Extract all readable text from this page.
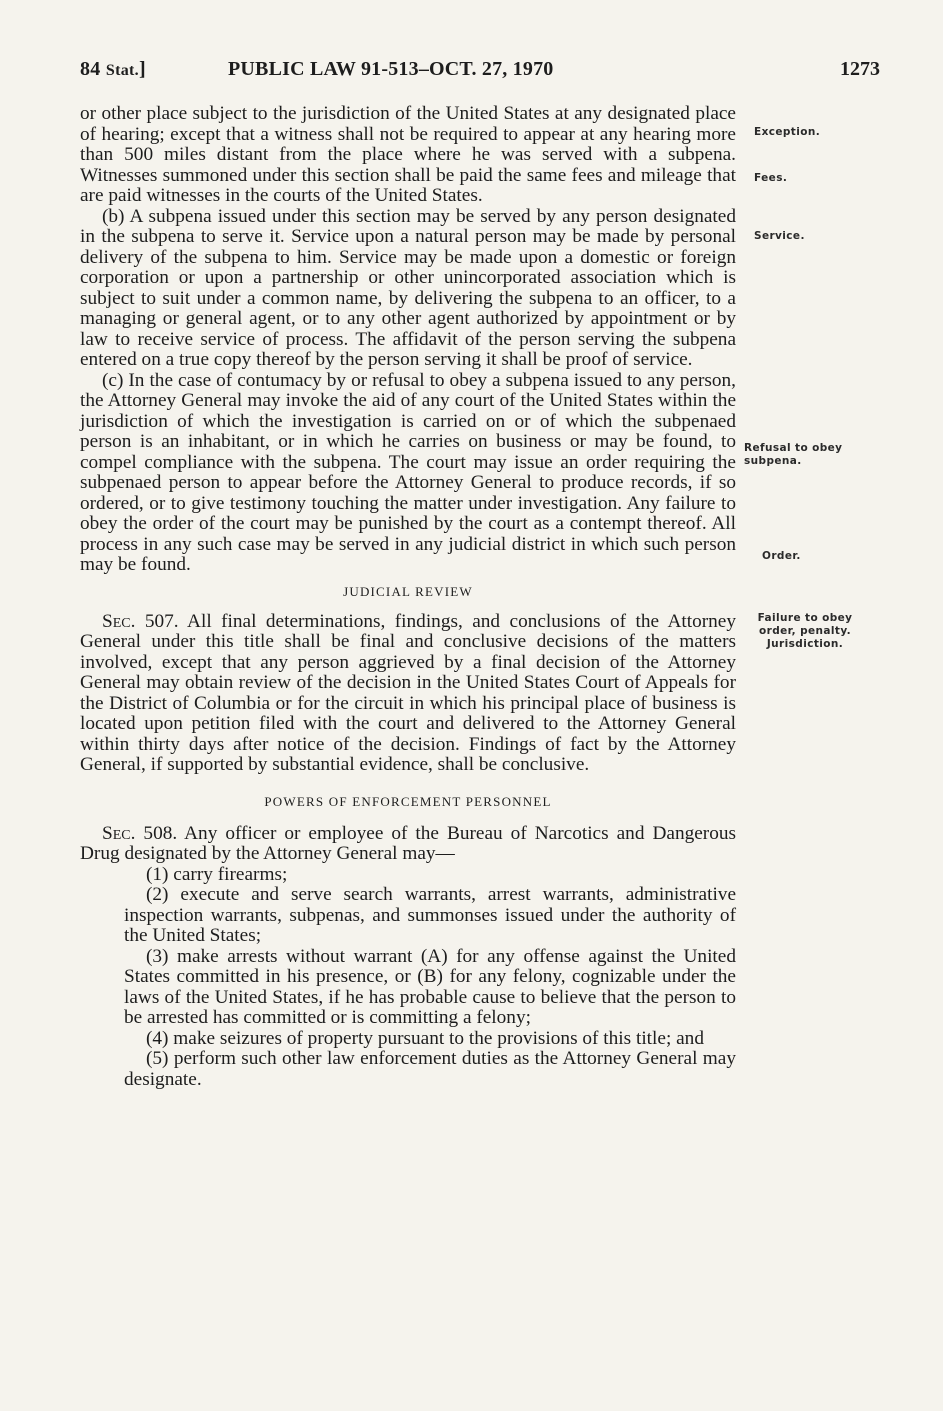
84 Stat.]	PUBLIC LAW 91-513–OCT. 27, 1970	1273

or other place subject to the jurisdiction of the United States at any designated place of hearing; except that a witness shall not be required to appear at any hearing more than 500 miles distant from the place where he was served with a subpena. Witnesses summoned under this section shall be paid the same fees and mileage that are paid witnesses in the courts of the United States.

(b) A subpena issued under this section may be served by any person designated in the subpena to serve it. Service upon a natural person may be made by personal delivery of the subpena to him. Service may be made upon a domestic or foreign corporation or upon a partnership or other unincorporated association which is subject to suit under a common name, by delivering the subpena to an officer, to a managing or general agent, or to any other agent authorized by appointment or by law to receive service of process. The affidavit of the person serving the subpena entered on a true copy thereof by the person serving it shall be proof of service.

(c) In the case of contumacy by or refusal to obey a subpena issued to any person, the Attorney General may invoke the aid of any court of the United States within the jurisdiction of which the investigation is carried on or of which the subpenaed person is an inhabitant, or in which he carries on business or may be found, to compel compliance with the subpena. The court may issue an order requiring the subpenaed person to appear before the Attorney General to produce records, if so ordered, or to give testimony touching the matter under investigation. Any failure to obey the order of the court may be punished by the court as a contempt thereof. All process in any such case may be served in any judicial district in which such person may be found.

JUDICIAL REVIEW

Sec. 507. All final determinations, findings, and conclusions of the Attorney General under this title shall be final and conclusive decisions of the matters involved, except that any person aggrieved by a final decision of the Attorney General may obtain review of the decision in the United States Court of Appeals for the District of Columbia or for the circuit in which his principal place of business is located upon petition filed with the court and delivered to the Attorney General within thirty days after notice of the decision. Findings of fact by the Attorney General, if supported by substantial evidence, shall be conclusive.

POWERS OF ENFORCEMENT PERSONNEL

Sec. 508. Any officer or employee of the Bureau of Narcotics and Dangerous Drug designated by the Attorney General may—

(1) carry firearms;

(2) execute and serve search warrants, arrest warrants, administrative inspection warrants, subpenas, and summonses issued under the authority of the United States;

(3) make arrests without warrant (A) for any offense against the United States committed in his presence, or (B) for any felony, cognizable under the laws of the United States, if he has probable cause to believe that the person to be arrested has committed or is committing a felony;

(4) make seizures of property pursuant to the provisions of this title; and

(5) perform such other law enforcement duties as the Attorney General may designate.

Exception.
Fees.
Service.
Refusal to obey
subpena.
Order.
Failure to obey
order, penalty.
Jurisdiction.
